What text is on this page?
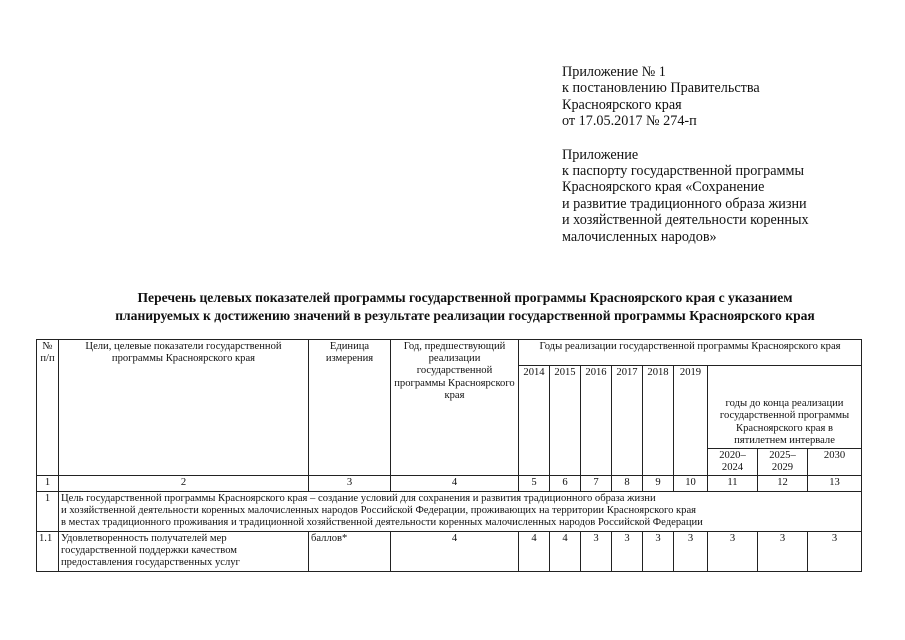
Приложение № 1
к постановлению Правительства
Красноярского края
от 17.05.2017 № 274-п
Приложение
к паспорту государственной программы
Красноярского края «Сохранение
и развитие традиционного образа жизни
и хозяйственной деятельности коренных
малочисленных народов»
Перечень целевых показателей программы государственной программы Красноярского края с указанием
планируемых к достижению значений в результате реализации государственной программы Красноярского края
№ п/п	Цели, целевые показатели государственной программы Красноярского края	Единица измерения	Год, предшествующий реализации государственной программы Красноярского края	Годы реализации государственной программы Красноярского края								
				2014	2015	2016	2017	2018	2019	годы до конца реализации государственной программы Красноярского края в пятилетнем интервале		
										2020–2024	2025–2029	2030
1	2	3	4	5	6	7	8	9	10	11	12	13
1	Цель государственной программы Красноярского края – создание условий для сохранения и развития традиционного образа жизни
и хозяйственной деятельности коренных малочисленных народов Российской Федерации, проживающих на территории Красноярского края
в местах традиционного проживания и традиционной хозяйственной деятельности коренных малочисленных народов Российской Федерации											

1.1	Удовлетворенность получателей мер
государственной поддержки качеством
предоставления государственных услуг	баллов*	4	4	4	3	3	3	3	3	3	3
